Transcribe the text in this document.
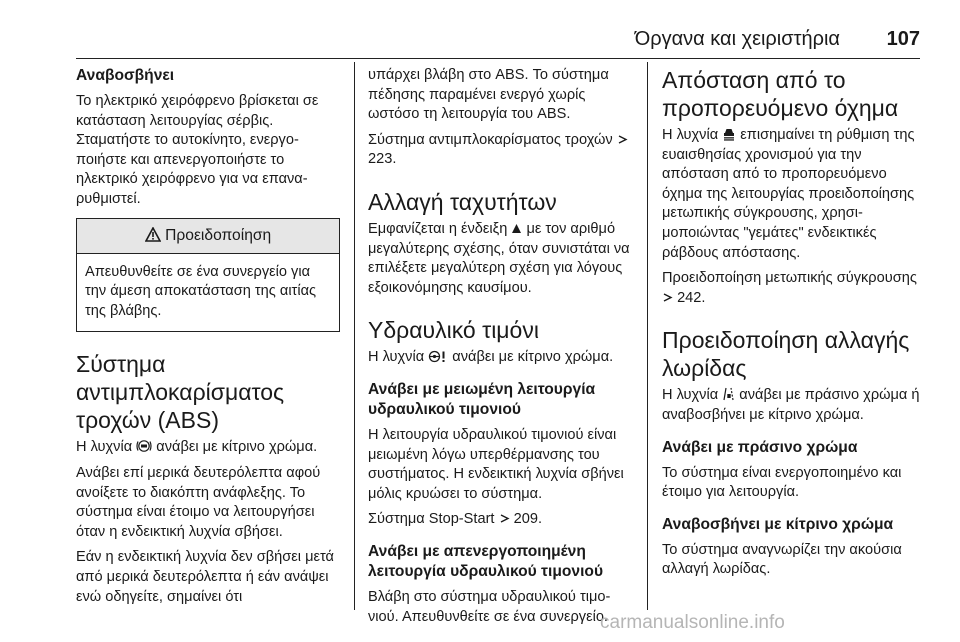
Όργανα και χειριστήρια 107
Αναβοσβήνει
Το ηλεκτρικό χειρόφρενο βρίσκεται σε κατάσταση λειτουργίας σέρβις. Σταματήστε το αυτοκίνητο, ενεργοποιήστε και απενεργοποιήστε το ηλεκτρικό χειρόφρενο για να επαναρυθμιστεί.
Προειδοποίηση
Απευθυνθείτε σε ένα συνεργείο για την άμεση αποκατάσταση της αιτίας της βλάβης.
Σύστημα αντιμπλοκαρίσματος τροχών (ABS)
Η λυχνία ανάβει με κίτρινο χρώμα.
Ανάβει επί μερικά δευτερόλεπτα αφού ανοίξετε το διακόπτη ανάφλεξης. Το σύστημα είναι έτοιμο να λειτουργήσει όταν η ενδεικτική λυχνία σβήσει.
Εάν η ενδεικτική λυχνία δεν σβήσει μετά από μερικά δευτερόλεπτα ή εάν ανάψει ενώ οδηγείτε, σημαίνει ότι
υπάρχει βλάβη στο ABS. Το σύστημα πέδησης παραμένει ενεργό χωρίς ωστόσο τη λειτουργία του ABS.
Σύστημα αντιμπλοκαρίσματος τροχών  223.
Αλλαγή ταχυτήτων
Εμφανίζεται η ένδειξη με τον αριθμό μεγαλύτερης σχέσης, όταν συνιστάται να επιλέξετε μεγαλύτερη σχέση για λόγους εξοικονόμησης καυσίμου.
Υδραυλικό τιμόνι
Η λυχνία ανάβει με κίτρινο χρώμα.
Ανάβει με μειωμένη λειτουργία υδραυλικού τιμονιού
Η λειτουργία υδραυλικού τιμονιού είναι μειωμένη λόγω υπερθέρμανσης του συστήματος. Η ενδεικτική λυχνία σβήνει μόλις κρυώσει το σύστημα.
Σύστημα Stop-Start 209.
Ανάβει με απενεργοποιημένη λειτουργία υδραυλικού τιμονιού
Βλάβη στο σύστημα υδραυλικού τιμονιού. Απευθυνθείτε σε ένα συνεργείο.
Απόσταση από το προπορευόμενο όχημα
Η λυχνία επισημαίνει τη ρύθμιση της ευαισθησίας χρονισμού για την απόσταση από το προπορευόμενο όχημα της λειτουργίας προειδοποίησης μετωπικής σύγκρουσης, χρησιμοποιώντας "γεμάτες" ενδεικτικές ράβδους απόστασης.
Προειδοποίηση μετωπικής σύγκρουσης  242.
Προειδοποίηση αλλαγής λωρίδας
Η λυχνία ανάβει με πράσινο χρώμα ή αναβοσβήνει με κίτρινο χρώμα.
Ανάβει με πράσινο χρώμα
Το σύστημα είναι ενεργοποιημένο και έτοιμο για λειτουργία.
Αναβοσβήνει με κίτρινο χρώμα
Το σύστημα αναγνωρίζει την ακούσια αλλαγή λωρίδας.
carmanualsonline.info
